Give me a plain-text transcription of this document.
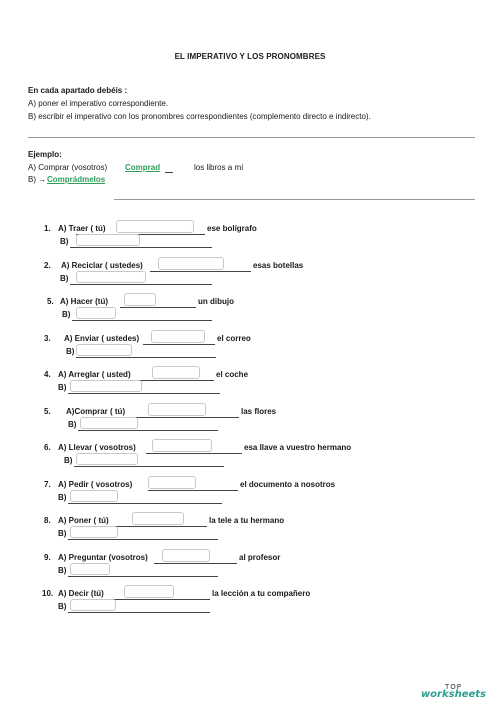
EL IMPERATIVO Y LOS PRONOMBRES
En cada apartado debéis :
A) poner el imperativo correspondiente.
B) escribir el imperativo con los pronombres correspondientes (complemento directo e indirecto).
Ejemplo:
A) Comprar (vosotros) Comprad	los libros a mí
B) → Comprádmelos
1. A) Traer ( tú)	ese bolígrafo
B)
2. A) Reciclar ( ustedes)	esas botellas
B)
5. A) Hacer (tú)	un dibujo
B)
3. A) Enviar ( ustedes)	el correo
B)
4. A) Arreglar ( usted)	el coche
B)
5. A)Comprar ( tú)	las flores
B)
6. A) Llevar ( vosotros)	esa llave a vuestro hermano
B)
7. A) Pedir ( vosotros)	el documento a nosotros
B)
8. A) Poner ( tú)	la tele a tu hermano
B)
9. A) Preguntar (vosotros)	al profesor
B)
10. A) Decir (tú)	la lección a tu compañero
B)
TOP
worksheets
